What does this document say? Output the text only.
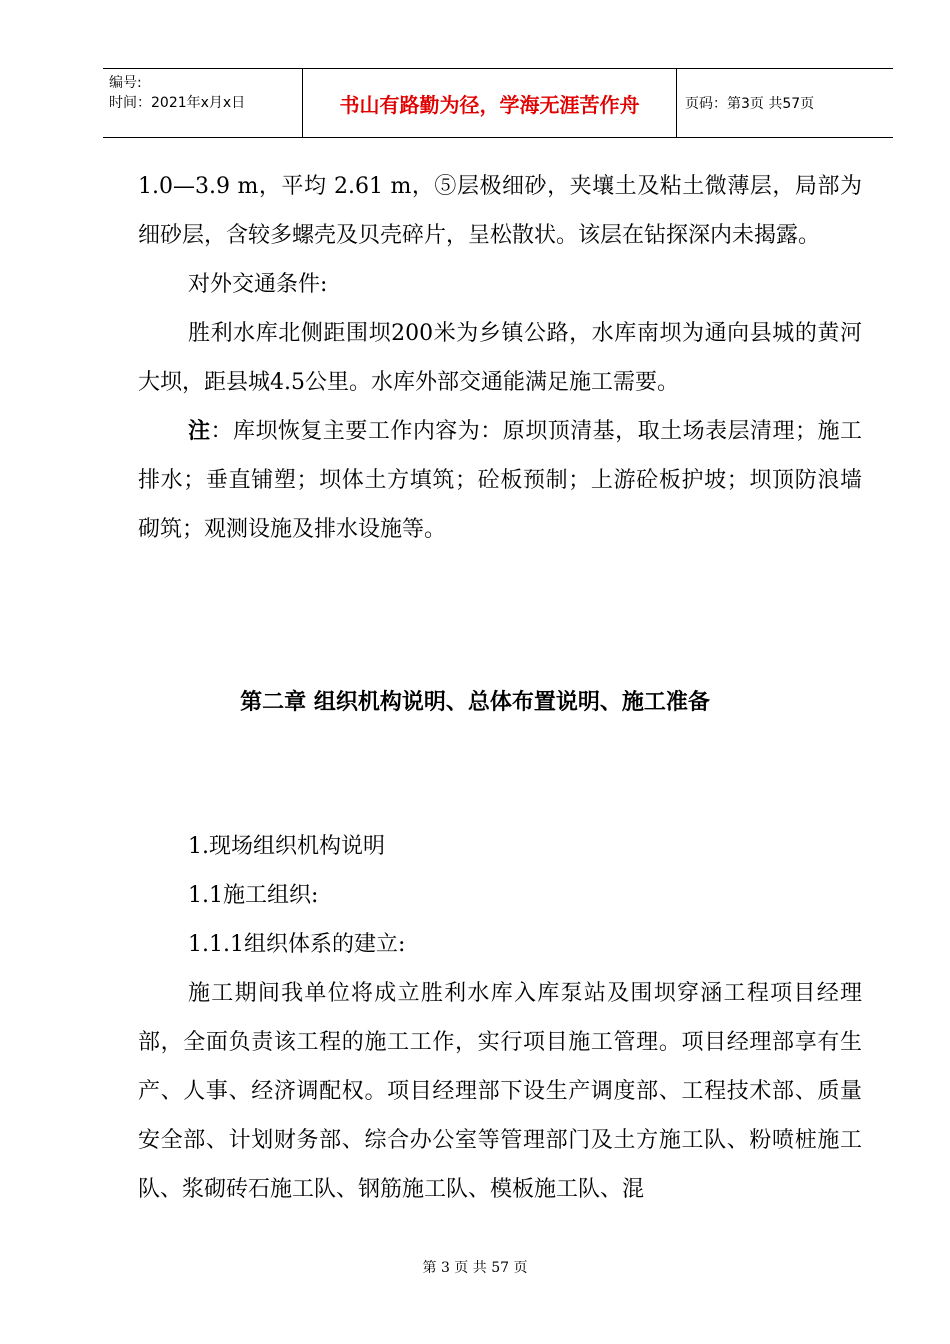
编号:
时间：2021年x月x日	书山有路勤为径，学海无涯苦作舟	页码：第3页 共57页

1.0—3.9 m，平均 2.61 m，⑤层极细砂，夹壤土及粘土微薄层，局部为细砂层，含较多螺壳及贝壳碎片，呈松散状。该层在钻探深内未揭露。

对外交通条件:

胜利水库北侧距围坝200米为乡镇公路，水库南坝为通向县城的黄河大坝，距县城4.5公里。水库外部交通能满足施工需要。

注：库坝恢复主要工作内容为：原坝顶清基，取土场表层清理；施工排水；垂直铺塑；坝体土方填筑；砼板预制；上游砼板护坡；坝顶防浪墙砌筑；观测设施及排水设施等。

第二章 组织机构说明、总体布置说明、施工准备

1.现场组织机构说明

1.1施工组织:

1.1.1组织体系的建立:

施工期间我单位将成立胜利水库入库泵站及围坝穿涵工程项目经理部，全面负责该工程的施工工作，实行项目施工管理。项目经理部享有生产、人事、经济调配权。项目经理部下设生产调度部、工程技术部、质量安全部、计划财务部、综合办公室等管理部门及土方施工队、粉喷桩施工队、浆砌砖石施工队、钢筋施工队、模板施工队、混

第 3 页 共 57 页
